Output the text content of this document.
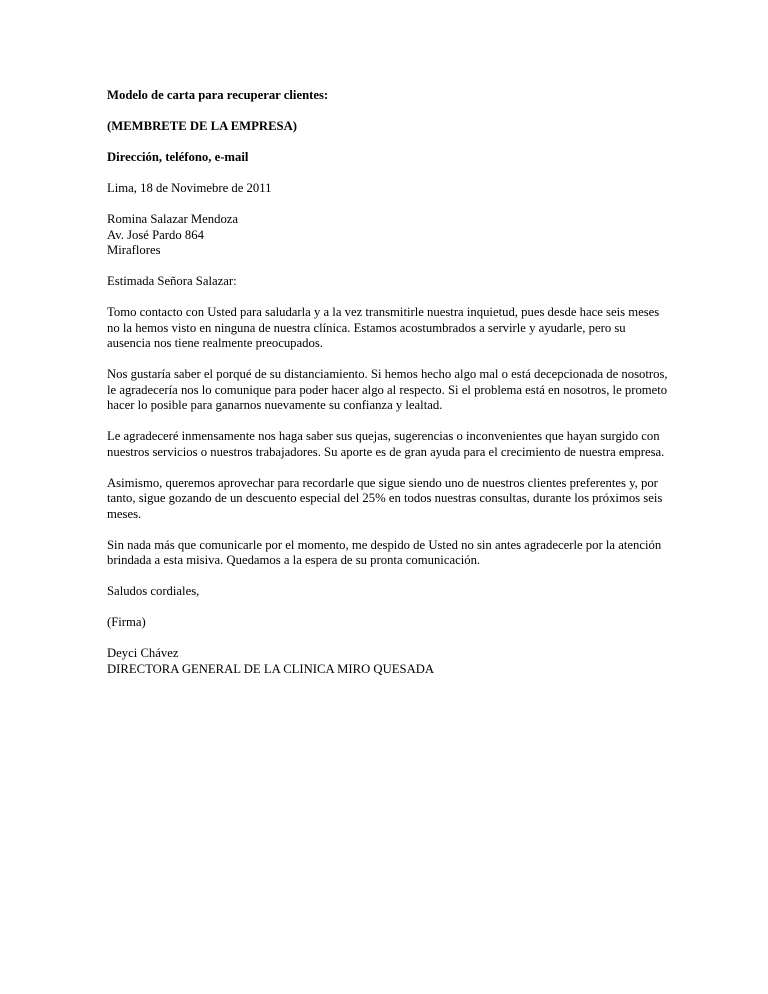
Modelo de carta para recuperar clientes:

(MEMBRETE DE LA EMPRESA)

Dirección, teléfono, e-mail

Lima, 18 de Novimebre de 2011

Romina Salazar Mendoza
Av. José Pardo 864
Miraflores

Estimada Señora Salazar:

Tomo contacto con Usted para saludarla y a la vez transmitirle nuestra inquietud, pues desde hace seis meses
no la hemos visto en ninguna de nuestra clínica. Estamos acostumbrados a servirle y ayudarle, pero su
ausencia nos tiene realmente preocupados.
Nos gustaría saber el porqué de su distanciamiento. Si hemos hecho algo mal o está decepcionada de nosotros,
le agradecería nos lo comunique para poder hacer algo al respecto. Si el problema está en nosotros, le prometo
hacer lo posible para ganarnos nuevamente su confianza y lealtad.
Le agradeceré inmensamente nos haga saber sus quejas, sugerencias o inconvenientes que hayan surgido con
nuestros servicios o nuestros trabajadores. Su aporte es de gran ayuda para el crecimiento de nuestra empresa.
Asimismo, queremos aprovechar para recordarle que sigue siendo uno de nuestros clientes preferentes y, por
tanto, sigue gozando de un descuento especial del 25% en todos nuestras consultas, durante los próximos seis
meses.
Sin nada más que comunicarle por el momento, me despido de Usted no sin antes agradecerle por la atención
brindada a esta misiva. Quedamos a la espera de su pronta comunicación.

Saludos cordiales,

(Firma)

Deyci Chávez
DIRECTORA GENERAL DE LA CLINICA MIRO QUESADA
